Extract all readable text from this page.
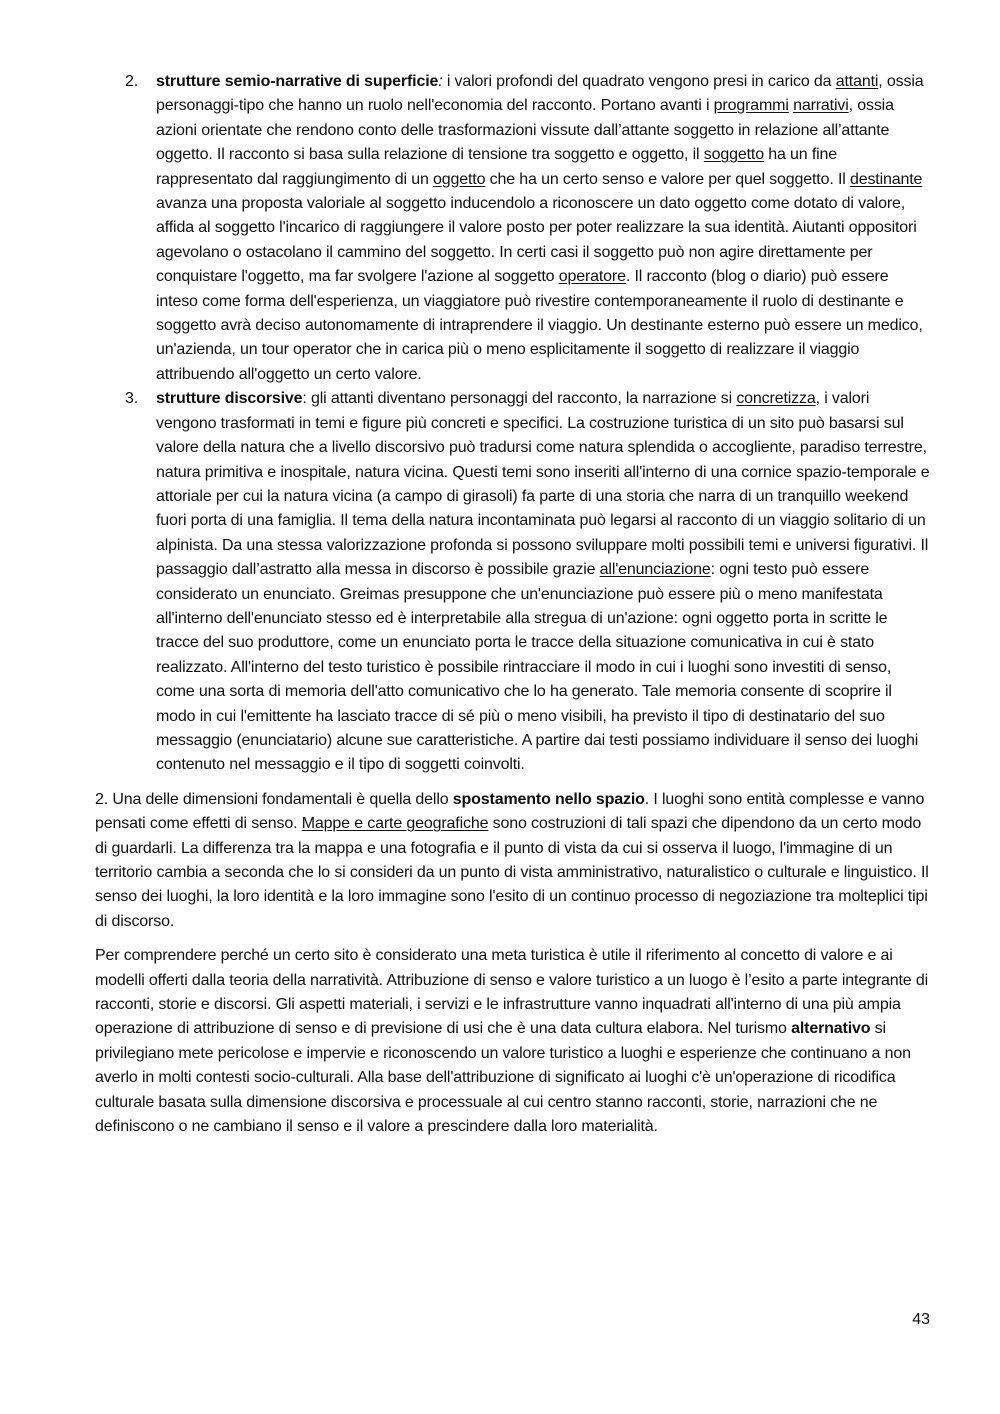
2.	strutture semio-narrative di superficie: i valori profondi del quadrato vengono presi in carico da attanti, ossia personaggi-tipo che hanno un ruolo nell'economia del racconto. Portano avanti i programmi narrativi, ossia azioni orientate che rendono conto delle trasformazioni vissute dall’attante soggetto in relazione all’attante oggetto. Il racconto si basa sulla relazione di tensione tra soggetto e oggetto, il soggetto ha un fine rappresentato dal raggiungimento di un oggetto che ha un certo senso e valore per quel soggetto. Il destinante avanza una proposta valoriale al soggetto inducendolo a riconoscere un dato oggetto come dotato di valore, affida al soggetto l'incarico di raggiungere il valore posto per poter realizzare la sua identità. Aiutanti oppositori agevolano o ostacolano il cammino del soggetto. In certi casi il soggetto può non agire direttamente per conquistare l'oggetto, ma far svolgere l'azione al soggetto operatore. Il racconto (blog o diario) può essere inteso come forma dell'esperienza, un viaggiatore può rivestire contemporaneamente il ruolo di destinante e soggetto avrà deciso autonomamente di intraprendere il viaggio. Un destinante esterno può essere un medico, un'azienda, un tour operator che in carica più o meno esplicitamente il soggetto di realizzare il viaggio attribuendo all'oggetto un certo valore.

3.	strutture discorsive: gli attanti diventano personaggi del racconto, la narrazione si concretizza, i valori vengono trasformati in temi e figure più concreti e specifici. La costruzione turistica di un sito può basarsi sul valore della natura che a livello discorsivo può tradursi come natura splendida o accogliente, paradiso terrestre, natura primitiva e inospitale, natura vicina. Questi temi sono inseriti all'interno di una cornice spazio-temporale e attoriale per cui la natura vicina (a campo di girasoli) fa parte di una storia che narra di un tranquillo weekend fuori porta di una famiglia. Il tema della natura incontaminata può legarsi al racconto di un viaggio solitario di un alpinista. Da una stessa valorizzazione profonda si possono sviluppare molti possibili temi e universi figurativi. Il passaggio dall’astratto alla messa in discorso è possibile grazie all'enunciazione: ogni testo può essere considerato un enunciato. Greimas presuppone che un'enunciazione può essere più o meno manifestata all'interno dell'enunciato stesso ed è interpretabile alla stregua di un'azione: ogni oggetto porta in scritte le tracce del suo produttore, come un enunciato porta le tracce della situazione comunicativa in cui è stato realizzato. All'interno del testo turistico è possibile rintracciare il modo in cui i luoghi sono investiti di senso, come una sorta di memoria dell'atto comunicativo che lo ha generato. Tale memoria consente di scoprire il modo in cui l'emittente ha lasciato tracce di sé più o meno visibili, ha previsto il tipo di destinatario del suo messaggio (enunciatario) alcune sue caratteristiche. A partire dai testi possiamo individuare il senso dei luoghi contenuto nel messaggio e il tipo di soggetti coinvolti.

2. Una delle dimensioni fondamentali è quella dello spostamento nello spazio. I luoghi sono entità complesse e vanno pensati come effetti di senso. Mappe e carte geografiche sono costruzioni di tali spazi che dipendono da un certo modo di guardarli. La differenza tra la mappa e una fotografia e il punto di vista da cui si osserva il luogo, l'immagine di un territorio cambia a seconda che lo si consideri da un punto di vista amministrativo, naturalistico o culturale e linguistico. Il senso dei luoghi, la loro identità e la loro immagine sono l'esito di un continuo processo di negoziazione tra molteplici tipi di discorso.

Per comprendere perché un certo sito è considerato una meta turistica è utile il riferimento al concetto di valore e ai modelli offerti dalla teoria della narratività. Attribuzione di senso e valore turistico a un luogo è l’esito a parte integrante di racconti, storie e discorsi. Gli aspetti materiali, i servizi e le infrastrutture vanno inquadrati all'interno di una più ampia operazione di attribuzione di senso e di previsione di usi che è una data cultura elabora. Nel turismo alternativo si privilegiano mete pericolose e impervie e riconoscendo un valore turistico a luoghi e esperienze che continuano a non averlo in molti contesti socio-culturali. Alla base dell'attribuzione di significato ai luoghi c'è un'operazione di ricodifica culturale basata sulla dimensione discorsiva e processuale al cui centro stanno racconti, storie, narrazioni che ne definiscono o ne cambiano il senso e il valore a prescindere dalla loro materialità.

43
